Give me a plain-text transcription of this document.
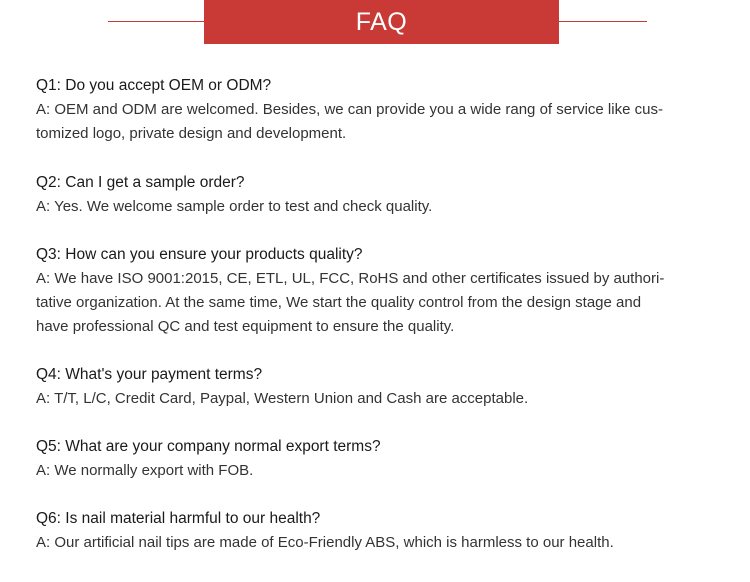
FAQ
Q1: Do you accept OEM or ODM?
A: OEM and ODM are welcomed. Besides, we can provide you a wide rang of service like cus-
tomized logo, private design and development.
Q2: Can I get a sample order?
A: Yes. We welcome sample order to test and check quality.
Q3: How can you ensure your products quality?
A: We have ISO 9001:2015, CE, ETL, UL, FCC, RoHS and other certificates issued by authori-
tative organization. At the same time, We start the quality control from the design stage and
have professional QC and test equipment to ensure the quality.
Q4: What's your payment terms?
A: T/T, L/C, Credit Card, Paypal, Western Union and Cash are acceptable.
Q5: What are your company normal export terms?
A: We normally export with FOB.
Q6: Is nail material harmful to our health?
A: Our artificial nail tips are made of Eco-Friendly ABS, which is harmless to our health.
